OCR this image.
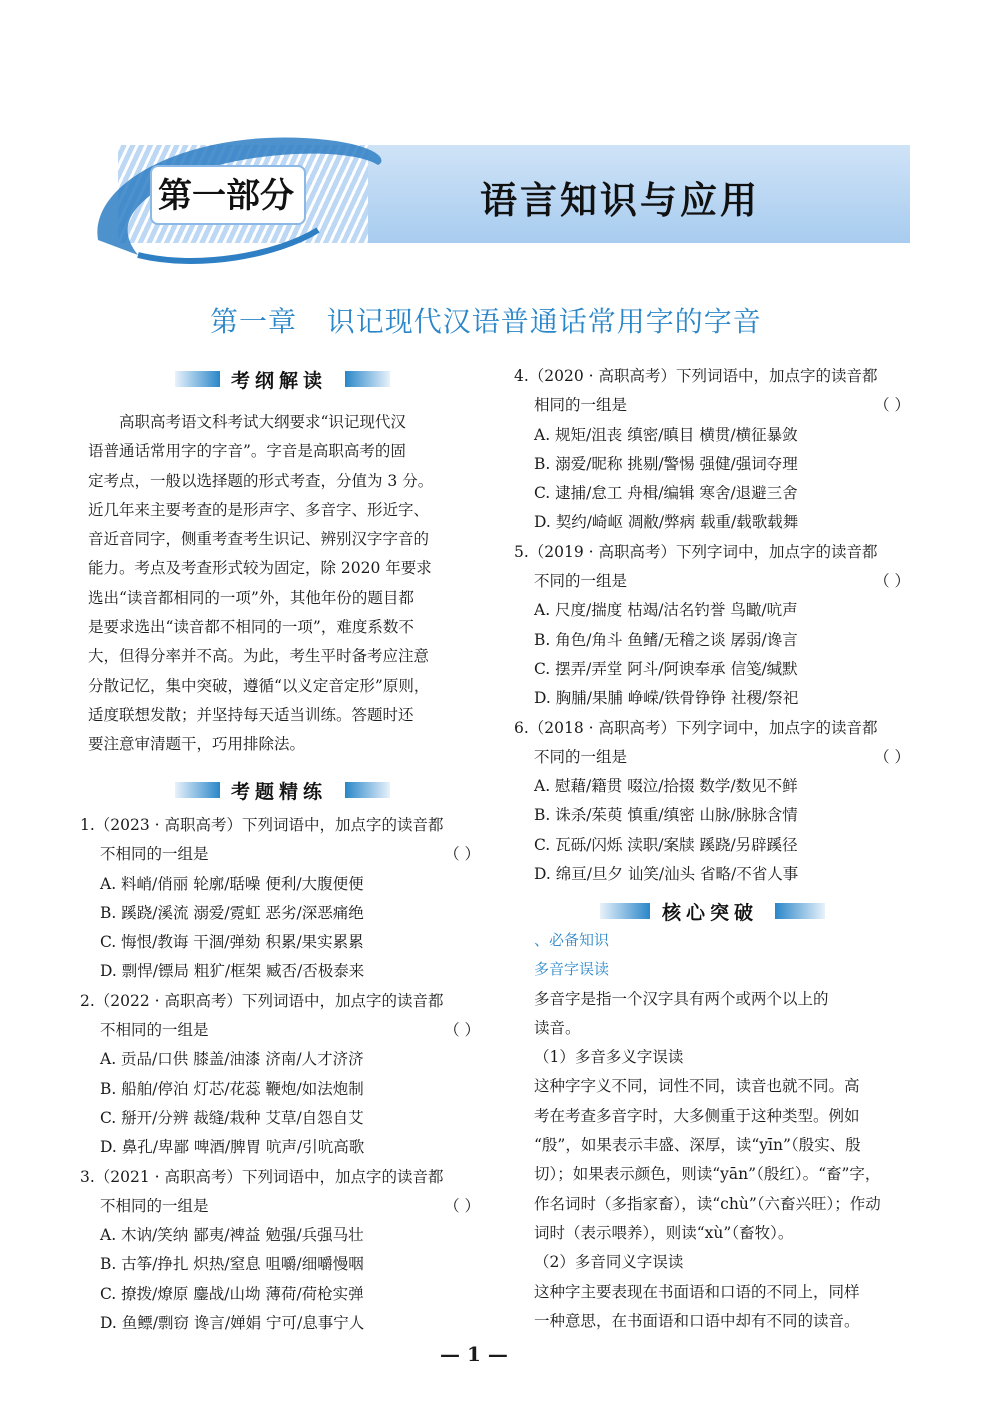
第一部分	语言知识与应用
第一章   识记现代汉语普通话常用字的字音
考纲解读

高职高考语文科考试大纲要求“识记现代汉

语普通话常用字的字音”。字音是高职高考的固

定考点，一般以选择题的形式考查，分值为 3 分。

近几年来主要考查的是形声字、多音字、形近字、

音近音同字，侧重考查考生识记、辨别汉字字音的

能力。考点及考查形式较为固定，除 2020 年要求

选出“读音都相同的一项”外，其他年份的题目都

是要求选出“读音都不相同的一项”，难度系数不

大，但得分率并不高。为此，考生平时备考应注意

分散记忆，集中突破，遵循“以义定音定形”原则，

适度联想发散；并坚持每天适当训练。答题时还

要注意审清题干，巧用排除法。

考题精练

1.（2023 · 高职高考）下列词语中，加点字的读音都

不相同的一组是	（ ）

A. 料峭/俏丽 轮廓/聒噪 便利/大腹便便

B. 蹊跷/溪流 溺爱/霓虹 恶劣/深恶痛绝

C. 悔恨/教诲 干涸/弹劾 积累/果实累累

D. 剽悍/镖局 粗犷/框架 臧否/否极泰来

2.（2022 · 高职高考）下列词语中，加点字的读音都

不相同的一组是	（ ）

A. 贡品/口供 膝盖/油漆 济南/人才济济

B. 船舶/停泊 灯芯/花蕊 鞭炮/如法炮制

C. 掰开/分辨 裁缝/栽种 艾草/自怨自艾

D. 鼻孔/卑鄙 啤酒/脾胃 吭声/引吭高歌

3.（2021 · 高职高考）下列词语中，加点字的读音都

不相同的一组是	（ ）

A. 木讷/笑纳 鄙夷/裨益 勉强/兵强马壮

B. 古筝/挣扎 炽热/窒息 咀嚼/细嚼慢咽

C. 撩拨/燎原 鏖战/山坳 薄荷/荷枪实弹

D. 鱼鳔/剽窃 谗言/婵娟 宁可/息事宁人

4.（2020 · 高职高考）下列词语中，加点字的读音都

相同的一组是	（ ）

A. 规矩/沮丧 缜密/瞋目 横贯/横征暴敛

B. 溺爱/昵称 挑剔/警惕 强健/强词夺理

C. 逮捕/怠工 舟楫/编辑 寒舍/退避三舍

D. 契约/崎岖 凋敝/弊病 载重/载歌载舞

5.（2019 · 高职高考）下列字词中，加点字的读音都

不同的一组是	（ ）

A. 尺度/揣度 枯竭/沽名钓誉 鸟瞰/吭声

B. 角色/角斗 鱼鳍/无稽之谈 孱弱/谗言

C. 摆弄/弄堂 阿斗/阿谀奉承 信笺/缄默

D. 胸脯/果脯 峥嵘/铁骨铮铮 社稷/祭祀

6.（2018 · 高职高考）下列字词中，加点字的读音都

不同的一组是	（ ）

A. 慰藉/籍贯 啜泣/拾掇 数学/数见不鲜

B. 诛杀/茱萸 慎重/缜密 山脉/脉脉含情

C. 瓦砾/闪烁 渎职/案牍 蹊跷/另辟蹊径

D. 绵亘/旦夕 讪笑/汕头 省略/不省人事

核心突破

、必备知识

多音字误读

多音字是指一个汉字具有两个或两个以上的

读音。

（1）多音多义字误读

这种字字义不同，词性不同，读音也就不同。高

考在考查多音字时，大多侧重于这种类型。例如

“殷”，如果表示丰盛、深厚，读“yīn”（殷实、殷

切）；如果表示颜色，则读“yān”（殷红）。“畜”字，

作名词时（多指家畜），读“chù”（六畜兴旺）；作动

词时（表示喂养），则读“xù”（畜牧）。

（2）多音同义字误读

这种字主要表现在书面语和口语的不同上，同样

一种意思，在书面语和口语中却有不同的读音。

— 1 —
